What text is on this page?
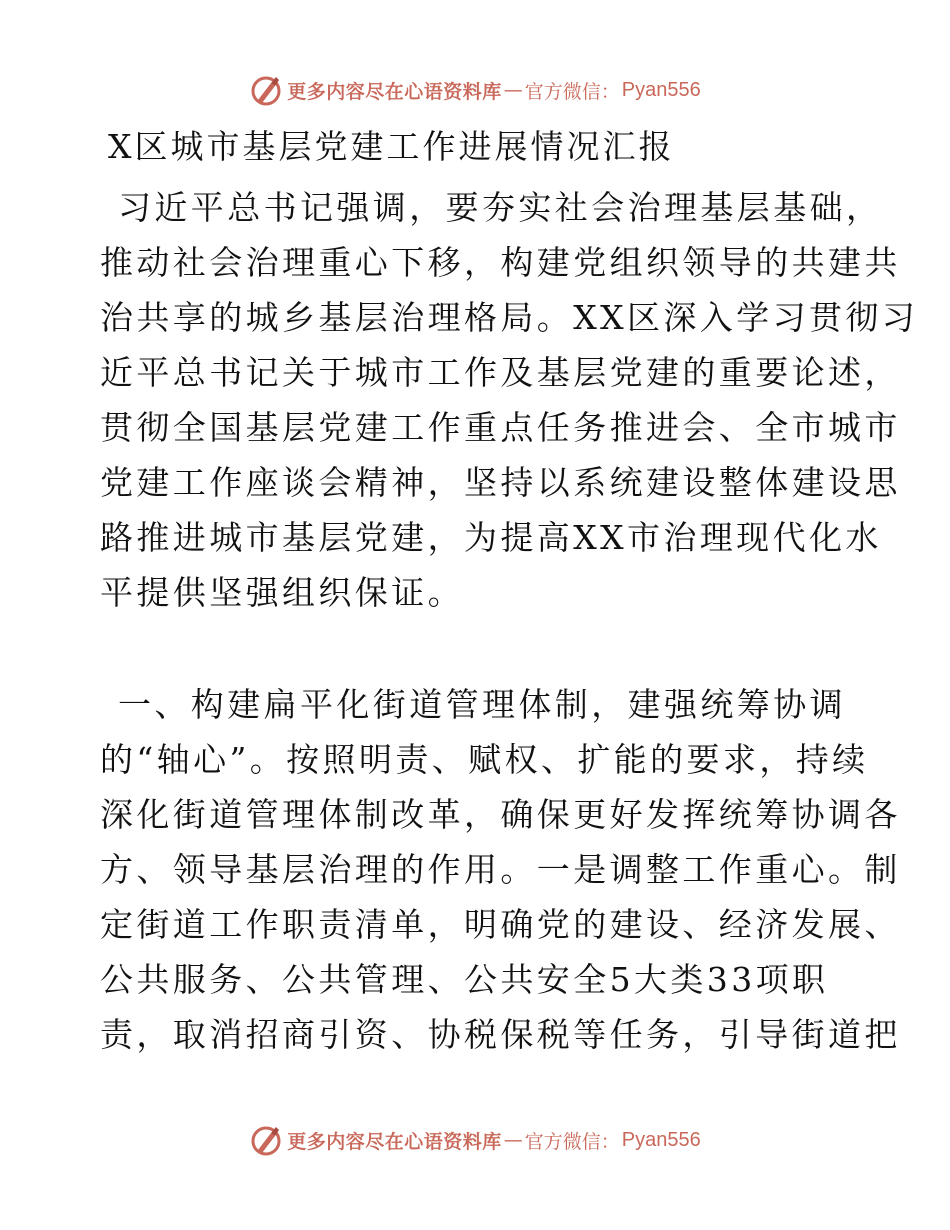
更多内容尽在心语资料库 — 官方微信： Pyan556
X区城市基层党建工作进展情况汇报
习近平总书记强调，要夯实社会治理基层基础，
推动社会治理重心下移，构建党组织领导的共建共
治共享的城乡基层治理格局。XX区深入学习贯彻习
近平总书记关于城市工作及基层党建的重要论述，
贯彻全国基层党建工作重点任务推进会、全市城市
党建工作座谈会精神，坚持以系统建设整体建设思
路推进城市基层党建，为提高XX市治理现代化水
平提供坚强组织保证。
一、构建扁平化街道管理体制，建强统筹协调
的“轴心”。按照明责、赋权、扩能的要求，持续
深化街道管理体制改革，确保更好发挥统筹协调各
方、领导基层治理的作用。一是调整工作重心。制
定街道工作职责清单，明确党的建设、经济发展、
公共服务、公共管理、公共安全5大类33项职
责，取消招商引资、协税保税等任务，引导街道把
更多内容尽在心语资料库 — 官方微信： Pyan556
